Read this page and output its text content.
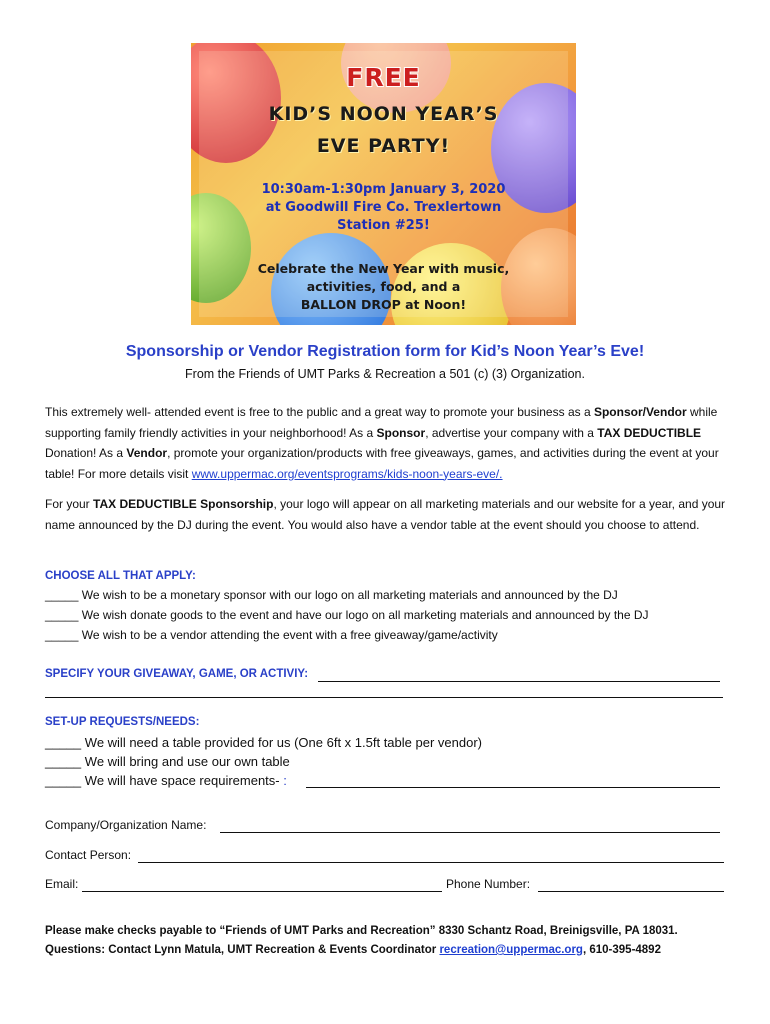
FREE
KID’S NOON YEAR’S
EVE PARTY!
10:30am-1:30pm January 3, 2020
at Goodwill Fire Co. Trexlertown
Station #25!
Celebrate the New Year with music,
activities, food, and a
BALLON DROP at Noon!
Sponsorship or Vendor Registration form for Kid’s Noon Year’s Eve!
From the Friends of UMT Parks & Recreation a 501 (c) (3) Organization.
This extremely well- attended event is free to the public and a great way to promote your business as a Sponsor/Vendor while supporting family friendly activities in your neighborhood! As a Sponsor, advertise your company with a TAX DEDUCTIBLE Donation! As a Vendor, promote your organization/products with free giveaways, games, and activities during the event at your table! For more details visit www.uppermac.org/eventsprograms/kids-noon-years-eve/.
For your TAX DEDUCTIBLE Sponsorship, your logo will appear on all marketing materials and our website for a year, and your name announced by the DJ during the event. You would also have a vendor table at the event should you choose to attend.
CHOOSE ALL THAT APPLY:
_____ We wish to be a monetary sponsor with our logo on all marketing materials and announced by the DJ
_____ We wish donate goods to the event and have our logo on all marketing materials and announced by the DJ
_____ We wish to be a vendor attending the event with a free giveaway/game/activity
SPECIFY YOUR GIVEAWAY, GAME, OR ACTIVIY:
SET-UP REQUESTS/NEEDS:
_____ We will need a table provided for us (One 6ft x 1.5ft table per vendor)
_____ We will bring and use our own table
_____ We will have space requirements- :
Company/Organization Name:
Contact Person:
Email:	Phone Number:
Please make checks payable to “Friends of UMT Parks and Recreation” 8330 Schantz Road, Breinigsville, PA 18031.
Questions: Contact Lynn Matula, UMT Recreation & Events Coordinator recreation@uppermac.org, 610-395-4892
